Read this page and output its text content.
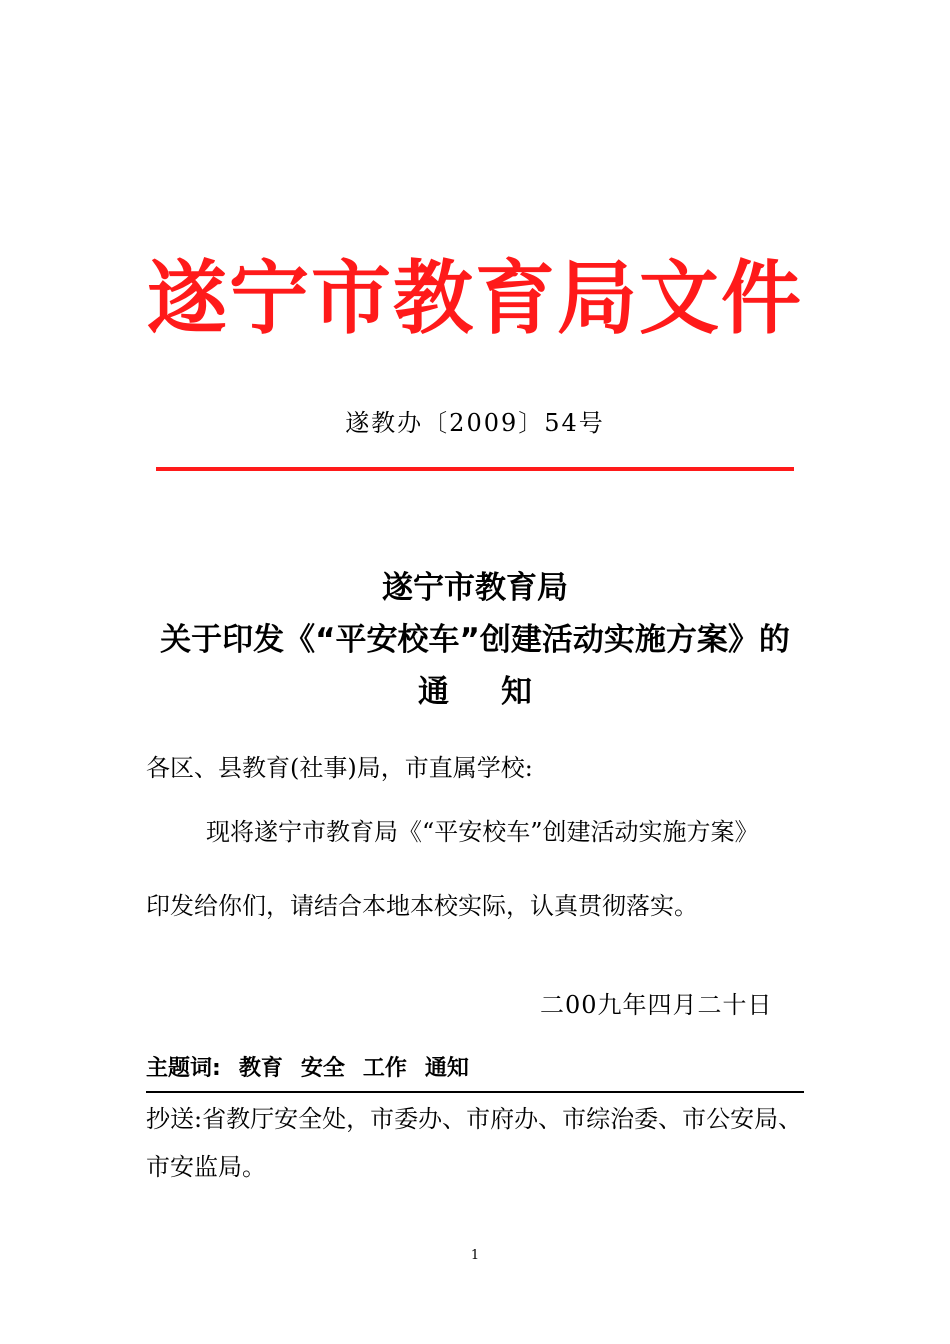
遂宁市教育局文件
遂教办〔2009〕54号
遂宁市教育局
关于印发《“平安校车”创建活动实施方案》的
通知
各区、县教育(社事)局，市直属学校:
现将遂宁市教育局《“平安校车”创建活动实施方案》
印发给你们，请结合本地本校实际，认真贯彻落实。
二00九年四月二十日
主题词: 教育 安全 工作 通知
抄送:省教厅安全处，市委办、市府办、市综治委、市公安局、
市安监局。
1
